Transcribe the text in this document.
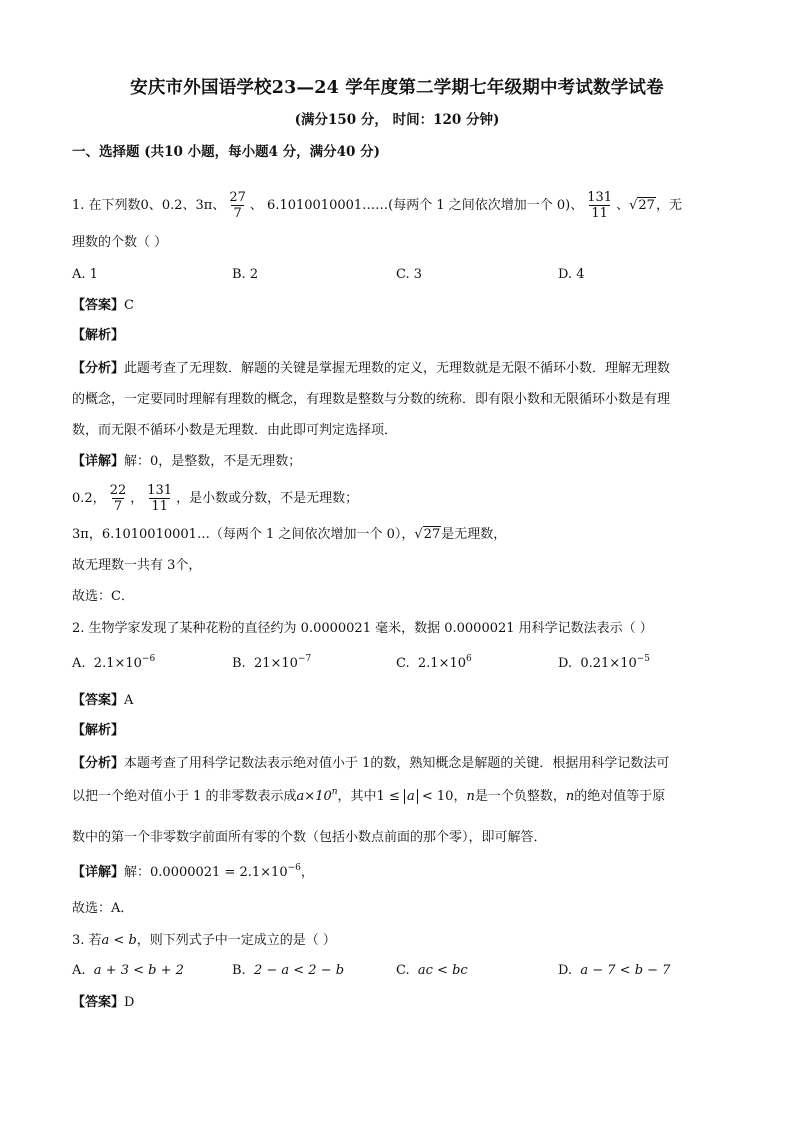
安庆市外国语学校23—24 学年度第二学期七年级期中考试数学试卷
(满分150 分， 时间：120 分钟)
一、选择题 (共10 小题，每小题4 分，满分40 分)
1. 在下列数0、0.2、3π、 $\frac{27}{7}$ 、 6.1010010001……(每两个 1 之间依次增加一个 0)、 $\frac{131}{11}$ 、√27，无
理数的个数（ ）
A. 1	B. 2	C. 3	D. 4
【答案】C
【解析】
【分析】此题考查了无理数．解题的关键是掌握无理数的定义，无理数就是无限不循环小数．理解无理数
的概念，一定要同时理解有理数的概念，有理数是整数与分数的统称．即有限小数和无限循环小数是有理
数，而无限不循环小数是无理数．由此即可判定选择项．
【详解】解：0，是整数，不是无理数；
0.2， $\frac{22}{7}$ ， $\frac{131}{11}$ ，是小数或分数，不是无理数；
3π，6.1010010001…（每两个 1 之间依次增加一个 0），√27是无理数，
故无理数一共有 3个，
故选：C．
2. 生物学家发现了某种花粉的直径约为 0.0000021 毫米，数据 0.0000021 用科学记数法表示（ ）
A. $2.1\times 10^{-6}$	B. $21\times 10^{-7}$	C. $2.1\times 10^6$	D. $0.21\times 10^{-5}$
【答案】A
【解析】
【分析】本题考查了用科学记数法表示绝对值小于 1的数，熟知概念是解题的关键．根据用科学记数法可
以把一个绝对值小于 1 的非零数表示成$a\times 10^n$，其中1 ≤ a < 10，n是一个负整数，n的绝对值等于原
数中的第一个非零数字前面所有零的个数（包括小数点前面的那个零），即可解答．
【详解】解：$0.0000021 = 2.1\times 10^{-6}$，
故选：A．
3. 若a < b，则下列式子中一定成立的是（ ）
A. a + 3 < b + 2	B. 2 − a < 2 − b	C. ac < bc	D. a − 7 < b − 7
【答案】D
